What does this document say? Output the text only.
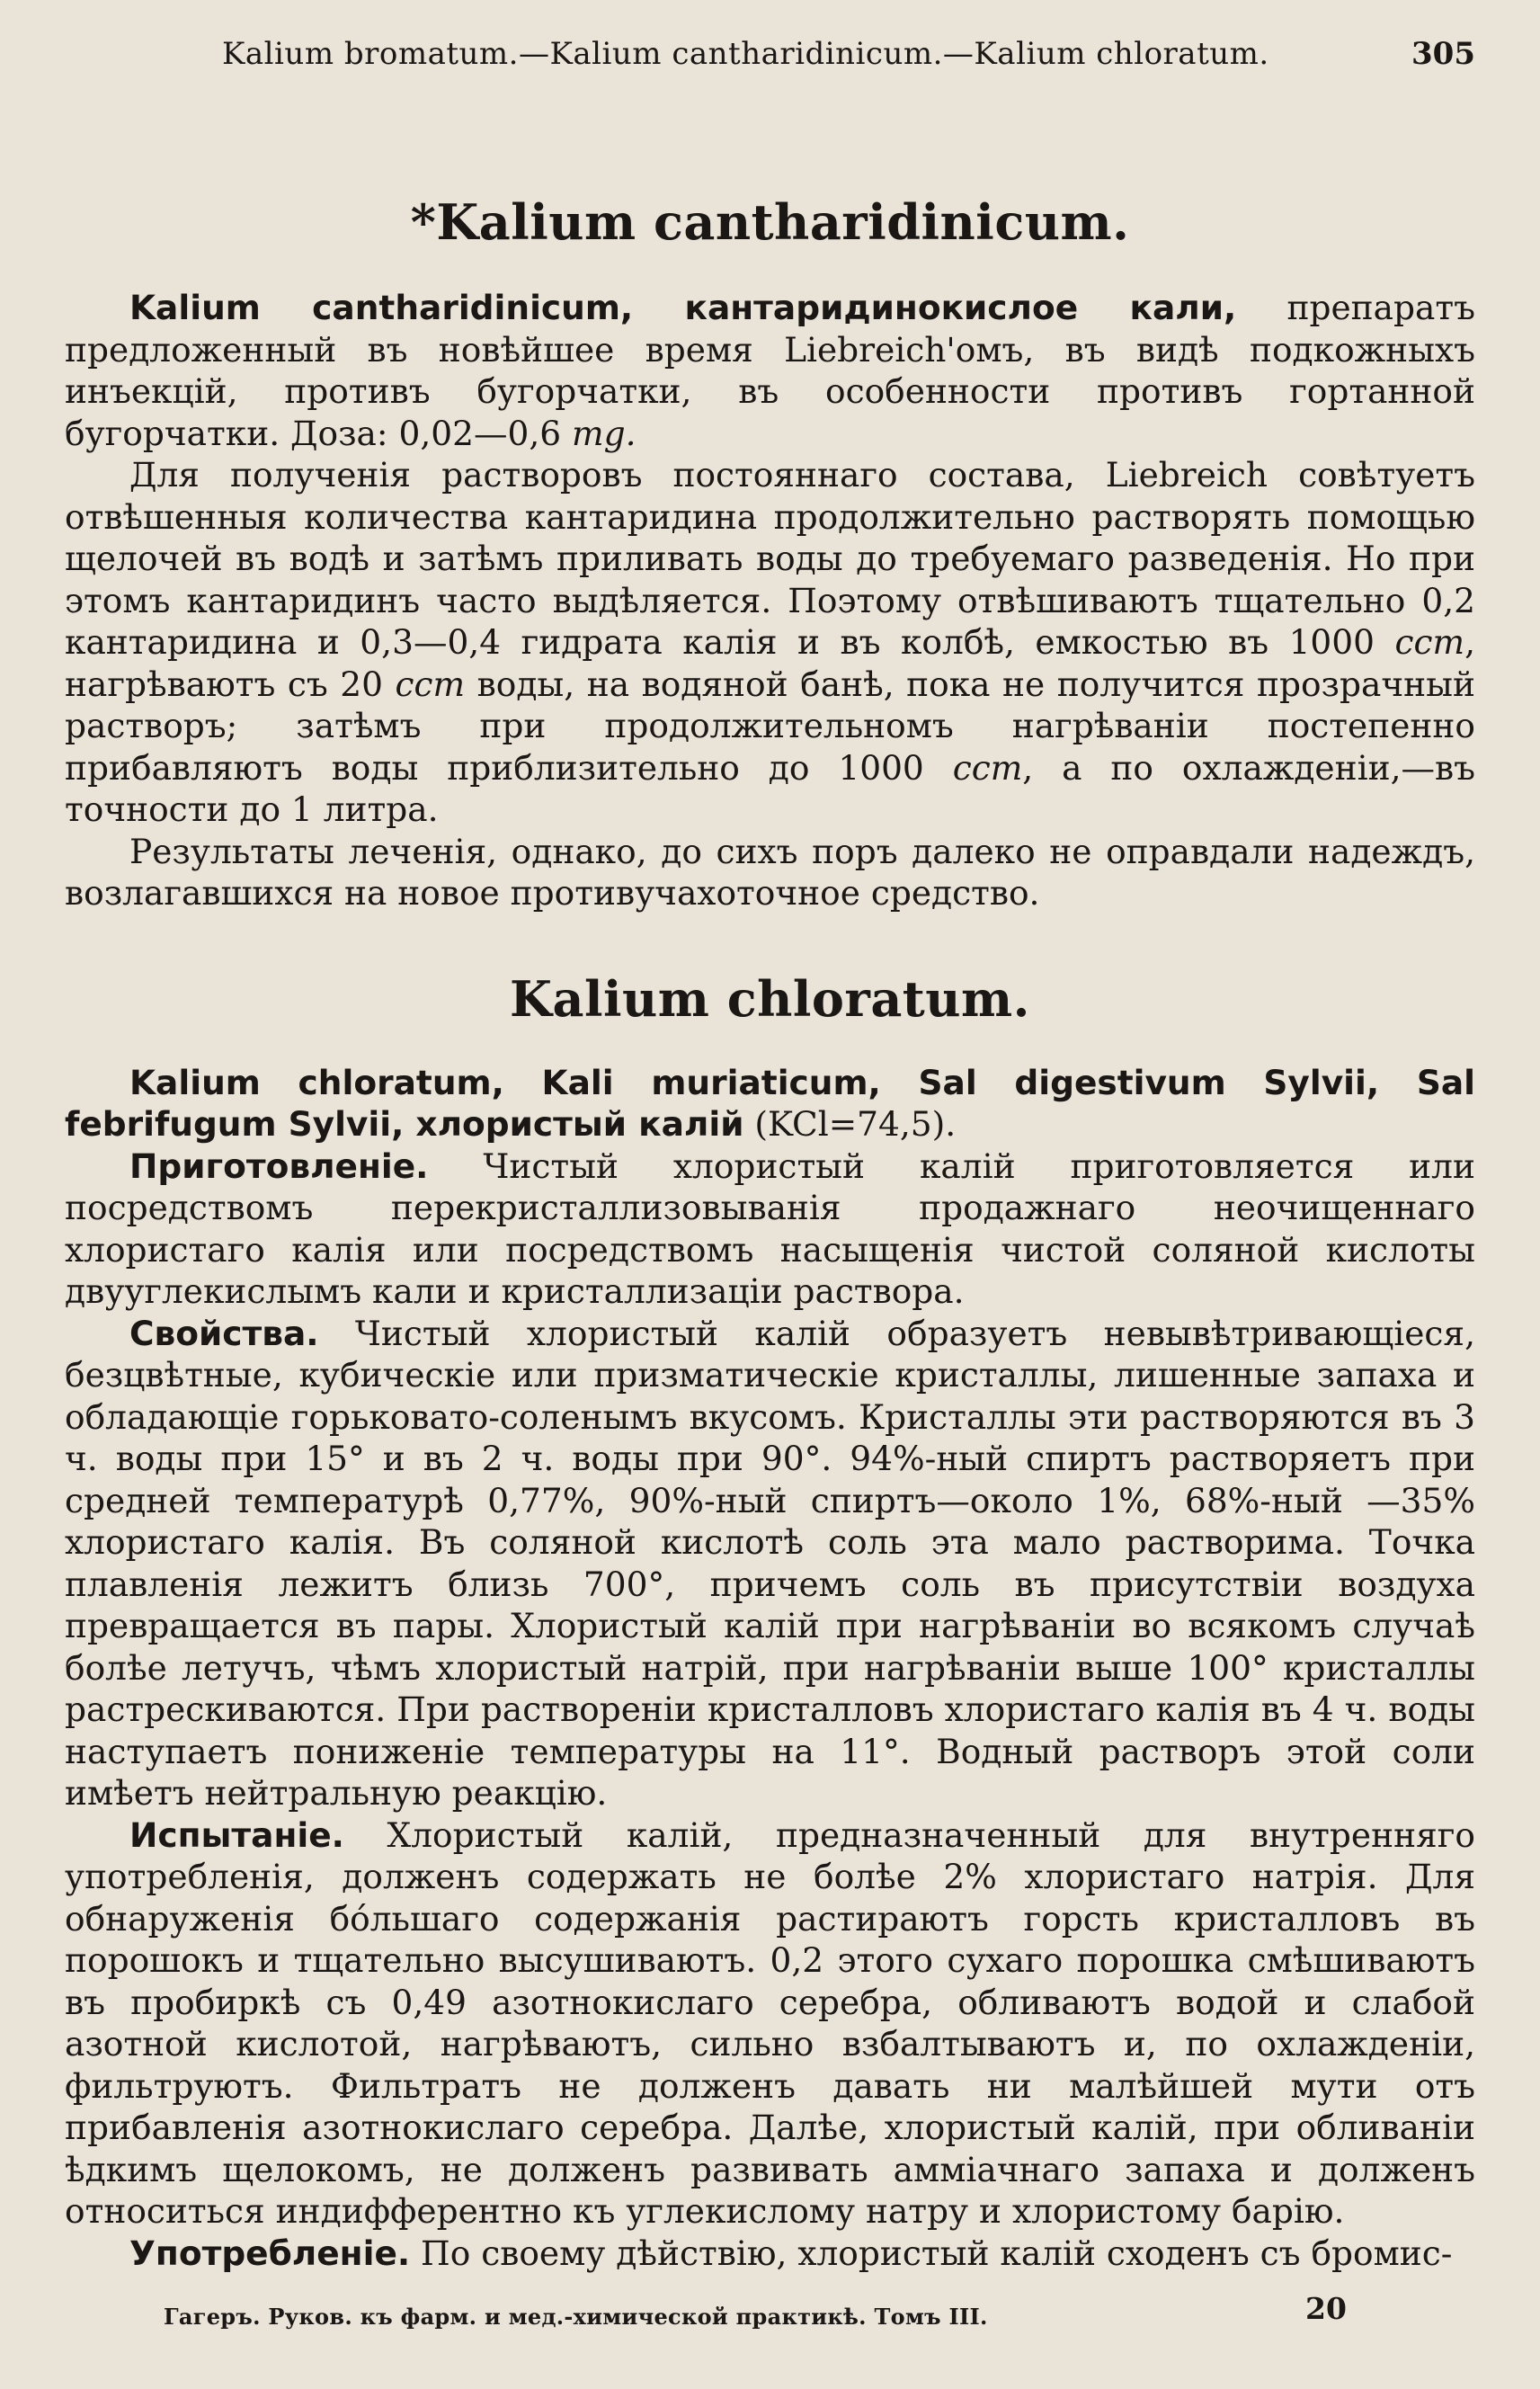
Kalium bromatum.—Kalium cantharidinicum.—Kalium chloratum.	305
*Kalium cantharidinicum.

Kalium cantharidinicum, кантаридинокислое кали, препаратъ предложенный въ новѣйшее время Liebreich'омъ, въ видѣ подкожныхъ инъекцій, противъ бугорчатки, въ особенности противъ гортанной бугорчатки. Доза: 0,02—0,6 mg.

Для полученія растворовъ постояннаго состава, Liebreich совѣтуетъ отвѣшенныя количества кантаридина продолжительно растворять помощью щелочей въ водѣ и затѣмъ приливать воды до требуемаго разведенія. Но при этомъ кантаридинъ часто выдѣляется. Поэтому отвѣшиваютъ тщательно 0,2 кантаридина и 0,3—0,4 гидрата калія и въ колбѣ, емкостью въ 1000 ccm, нагрѣваютъ съ 20 ccm воды, на водяной банѣ, пока не получится прозрачный растворъ; затѣмъ при продолжительномъ нагрѣваніи постепенно прибавляютъ воды приблизительно до 1000 ccm, а по охлажденіи,—въ точности до 1 литра.

Результаты леченія, однако, до сихъ поръ далеко не оправдали надеждъ, возлагавшихся на новое противучахоточное средство.

Kalium chloratum.

Kalium chloratum, Kali muriaticum, Sal digestivum Sylvii, Sal febrifugum Sylvii, хлористый калій (KCl=74,5).

Приготовленіе. Чистый хлористый калій приготовляется или посредствомъ перекристаллизовыванія продажнаго неочищеннаго хлористаго калія или посредствомъ насыщенія чистой соляной кислоты двууглекислымъ кали и кристаллизаціи раствора.

Свойства. Чистый хлористый калій образуетъ невывѣтривающіеся, безцвѣтные, кубическіе или призматическіе кристаллы, лишенные запаха и обладающіе горьковато-соленымъ вкусомъ. Кристаллы эти растворяются въ 3 ч. воды при 15° и въ 2 ч. воды при 90°. 94%-ный спиртъ растворяетъ при средней температурѣ 0,77%, 90%-ный спиртъ—около 1%, 68%-ный —35% хлористаго калія. Въ соляной кислотѣ соль эта мало растворима. Точка плавленія лежитъ близь 700°, причемъ соль въ присутствіи воздуха превращается въ пары. Хлористый калій при нагрѣваніи во всякомъ случаѣ болѣе летучъ, чѣмъ хлористый натрій, при нагрѣваніи выше 100° кристаллы растрескиваются. При раствореніи кристалловъ хлористаго калія въ 4 ч. воды наступаетъ пониженіе температуры на 11°. Водный растворъ этой соли имѣетъ нейтральную реакцію.

Испытаніе. Хлористый калій, предназначенный для внутренняго употребленія, долженъ содержать не болѣе 2% хлористаго натрія. Для обнаруженія бо́льшаго содержанія растираютъ горсть кристалловъ въ порошокъ и тщательно высушиваютъ. 0,2 этого сухаго порошка смѣшиваютъ въ пробиркѣ съ 0,49 азотнокислаго серебра, обливаютъ водой и слабой азотной кислотой, нагрѣваютъ, сильно взбалтываютъ и, по охлажденіи, фильтруютъ. Фильтратъ не долженъ давать ни малѣйшей мути отъ прибавленія азотнокислаго серебра. Далѣе, хлористый калій, при обливаніи ѣдкимъ щелокомъ, не долженъ развивать аммiачнаго запаха и долженъ относиться индифферентно къ углекислому натру и хлористому барію.

Употребленіе. По своему дѣйствію, хлористый калій сходенъ съ бромис-

Гагеръ. Руков. къ фарм. и мед.-химической практикѣ. Томъ III.	20
